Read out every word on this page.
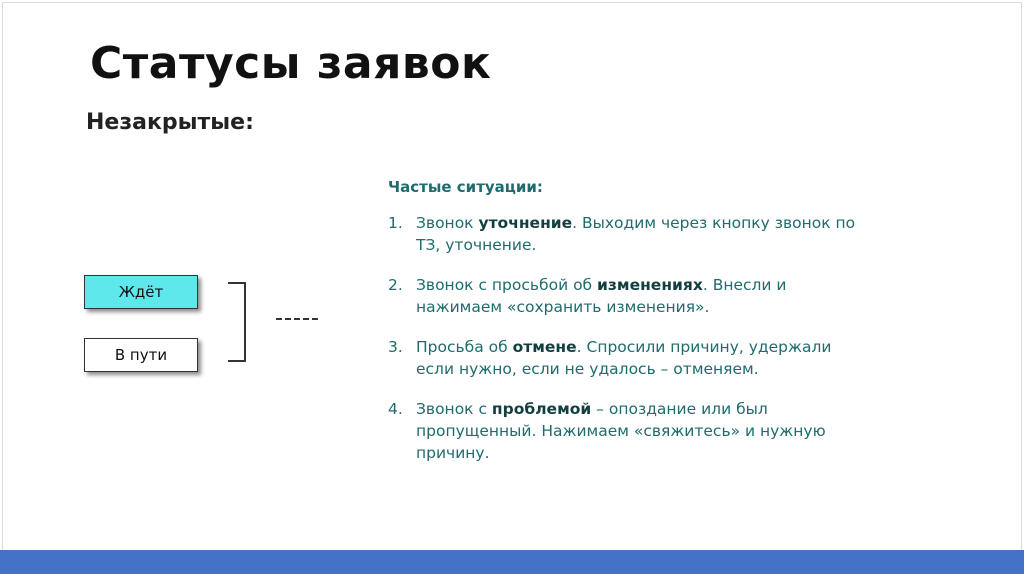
Статусы заявок
Незакрытые:
Ждёт
В пути
Частые ситуации:
1. Звонок уточнение. Выходим через кнопку звонок по ТЗ, уточнение.
2. Звонок с просьбой об изменениях. Внесли и нажимаем «сохранить изменения».
3. Просьба об отмене. Спросили причину, удержали если нужно, если не удалось – отменяем.
4. Звонок с проблемой – опоздание или был пропущенный. Нажимаем «свяжитесь» и нужную причину.
